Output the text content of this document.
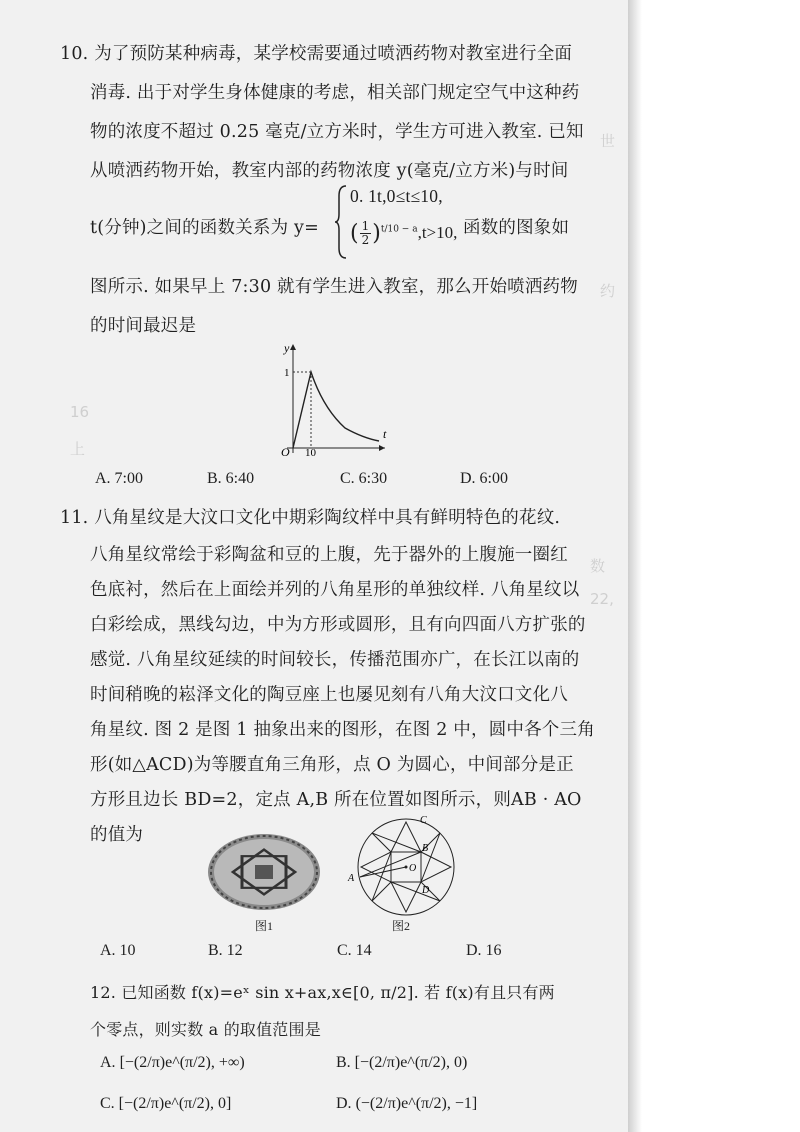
世
约
16
上
数
22,
10. 为了预防某种病毒，某学校需要通过喷洒药物对教室进行全面
消毒. 出于对学生身体健康的考虑，相关部门规定空气中这种药
物的浓度不超过 0.25 毫克/立方米时，学生方可进入教室. 已知
从喷洒药物开始，教室内部的药物浓度 y(毫克/立方米)与时间
t(分钟)之间的函数关系为 y=
0. 1t,0≤t≤10,
( $\frac{1}{2} )^{t/10 - a},t>10$, 函数的图象如
图所示. 如果早上 7:30 就有学生进入教室，那么开始喷洒药物
的时间最迟是
y
t
O
1
10
A. 7:00	B. 6:40	C. 6:30	D. 6:00
11. 八角星纹是大汶口文化中期彩陶纹样中具有鲜明特色的花纹.
八角星纹常绘于彩陶盆和豆的上腹，先于器外的上腹施一圈红
色底衬，然后在上面绘并列的八角星形的单独纹样. 八角星纹以
白彩绘成，黑线勾边，中为方形或圆形，且有向四面八方扩张的
感觉. 八角星纹延续的时间较长，传播范围亦广，在长江以南的
时间稍晚的崧泽文化的陶豆座上也屡见刻有八角大汶口文化八
角星纹. 图 2 是图 1 抽象出来的图形，在图 2 中，圆中各个三角
形(如△ACD)为等腰直角三角形，点 O 为圆心，中间部分是正
方形且边长 BD=2，定点 A,B 所在位置如图所示，则AB · AO
的值为
图1
O
B
C
D
A
图2
A. 10	B. 12	C. 14	D. 16
12. 已知函数 f(x)=eˣ sin x+ax,x∈[0, π/2]. 若 f(x)有且只有两
个零点，则实数 a 的取值范围是
A. [−(2/π)e^(π/2), +∞)	B. [−(2/π)e^(π/2), 0)
C. [−(2/π)e^(π/2), 0]	D. (−(2/π)e^(π/2), −1]
